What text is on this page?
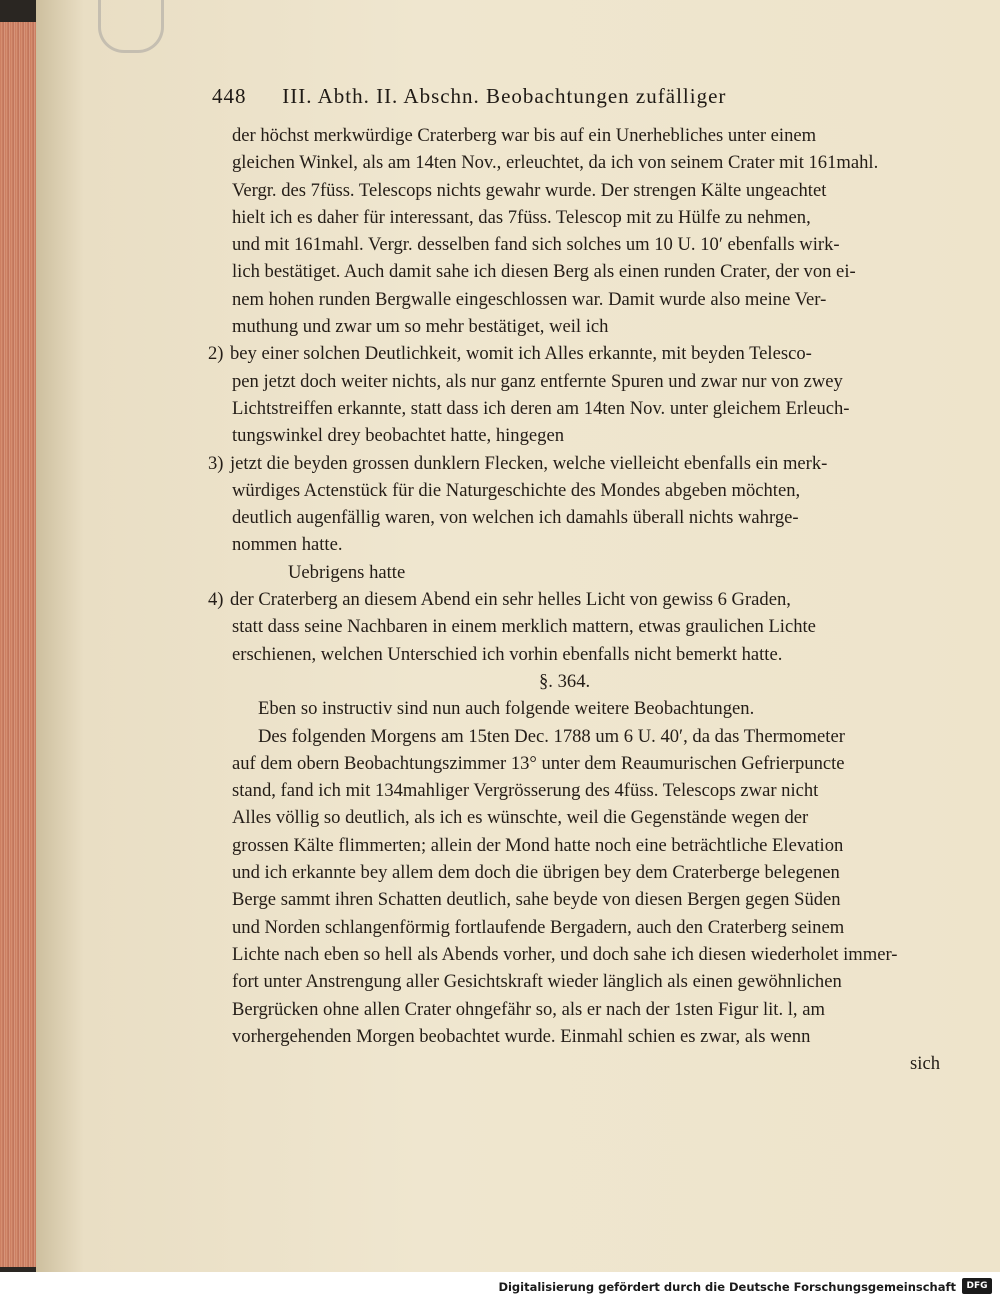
448 III. Abth. II. Abschn. Beobachtungen zufälliger
der höchst merkwürdige Craterberg war bis auf ein Unerhebliches unter einem
gleichen Winkel, als am 14ten Nov., erleuchtet, da ich von seinem Crater mit 161mahl.
Vergr. des 7füss. Telescops nichts gewahr wurde. Der strengen Kälte ungeachtet
hielt ich es daher für interessant, das 7füss. Telescop mit zu Hülfe zu nehmen,
und mit 161mahl. Vergr. desselben fand sich solches um 10 U. 10′ ebenfalls wirk-
lich bestätiget. Auch damit sahe ich diesen Berg als einen runden Crater, der von ei-
nem hohen runden Bergwalle eingeschlossen war. Damit wurde also meine Ver-
muthung und zwar um so mehr bestätiget, weil ich
2) bey einer solchen Deutlichkeit, womit ich Alles erkannte, mit beyden Telesco-
pen jetzt doch weiter nichts, als nur ganz entfernte Spuren und zwar nur von zwey
Lichtstreiffen erkannte, statt dass ich deren am 14ten Nov. unter gleichem Erleuch-
tungswinkel drey beobachtet hatte, hingegen
3) jetzt die beyden grossen dunklern Flecken, welche vielleicht ebenfalls ein merk-
würdiges Actenstück für die Naturgeschichte des Mondes abgeben möchten,
deutlich augenfällig waren, von welchen ich damahls überall nichts wahrge-
nommen hatte.
Uebrigens hatte
4) der Craterberg an diesem Abend ein sehr helles Licht von gewiss 6 Graden,
statt dass seine Nachbaren in einem merklich mattern, etwas graulichen Lichte
erschienen, welchen Unterschied ich vorhin ebenfalls nicht bemerkt hatte.
§. 364.
Eben so instructiv sind nun auch folgende weitere Beobachtungen.
Des folgenden Morgens am 15ten Dec. 1788 um 6 U. 40′, da das Thermometer
auf dem obern Beobachtungszimmer 13° unter dem Reaumurischen Gefrierpuncte
stand, fand ich mit 134mahliger Vergrösserung des 4füss. Telescops zwar nicht
Alles völlig so deutlich, als ich es wünschte, weil die Gegenstände wegen der
grossen Kälte flimmerten; allein der Mond hatte noch eine beträchtliche Elevation
und ich erkannte bey allem dem doch die übrigen bey dem Craterberge belegenen
Berge sammt ihren Schatten deutlich, sahe beyde von diesen Bergen gegen Süden
und Norden schlangenförmig fortlaufende Bergadern, auch den Craterberg seinem
Lichte nach eben so hell als Abends vorher, und doch sahe ich diesen wiederholet immer-
fort unter Anstrengung aller Gesichtskraft wieder länglich als einen gewöhnlichen
Bergrücken ohne allen Crater ohngefähr so, als er nach der 1sten Figur lit. l, am
vorhergehenden Morgen beobachtet wurde. Einmahl schien es zwar, als wenn
sich
Digitalisierung gefördert durch die Deutsche Forschungsgemeinschaft	DFG
